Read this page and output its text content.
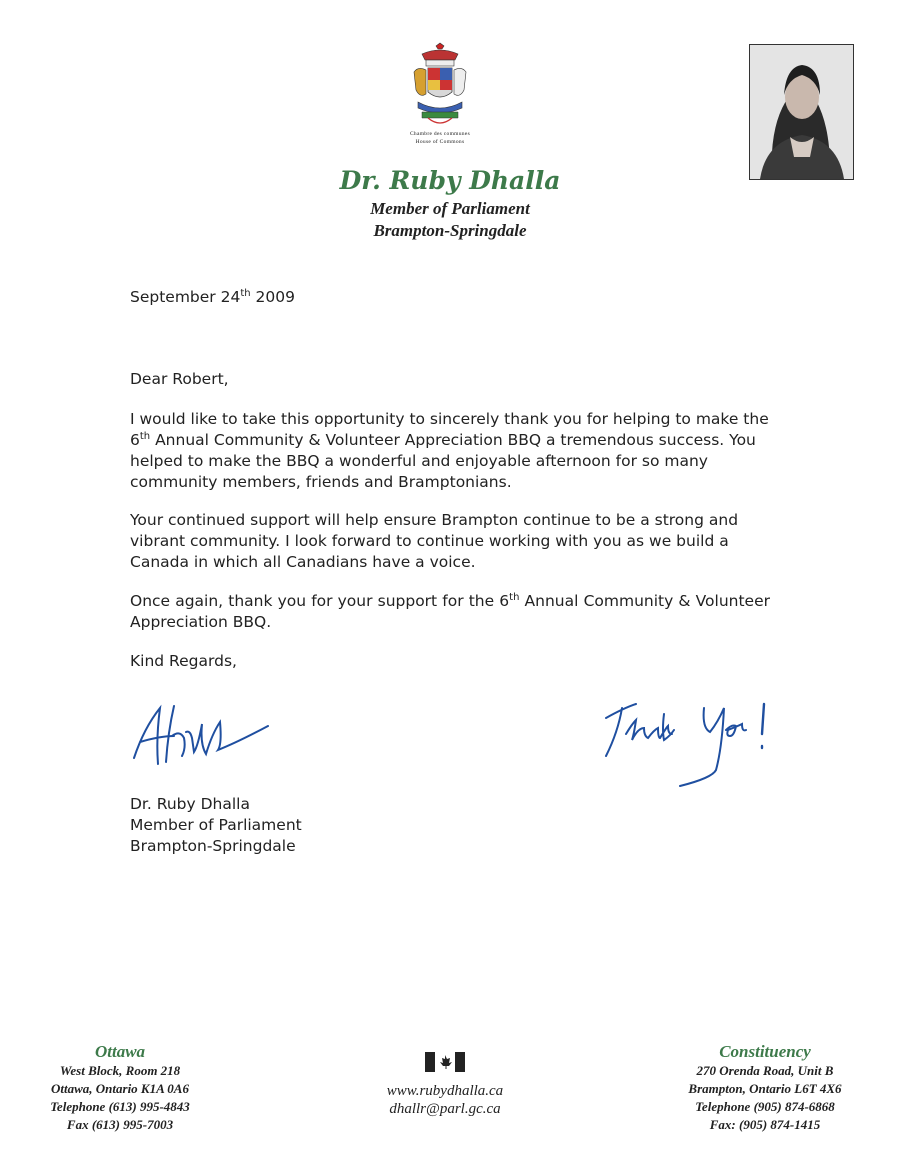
Chambre des communes
House of Commons
Dr. Ruby Dhalla
Member of Parliament
Brampton-Springdale
September 24th 2009
Dear Robert,

I would like to take this opportunity to sincerely thank you for helping to make the 6th Annual Community & Volunteer Appreciation BBQ a tremendous success. You helped to make the BBQ a wonderful and enjoyable afternoon for so many community members, friends and Bramptonians.

Your continued support will help ensure Brampton continue to be a strong and vibrant community. I look forward to continue working with you as we build a Canada in which all Canadians have a voice.

Once again, thank you for your support for the 6th Annual Community & Volunteer Appreciation BBQ.

Kind Regards,
Dr. Ruby Dhalla
Member of Parliament
Brampton-Springdale
Ottawa
West Block, Room 218
Ottawa, Ontario K1A 0A6
Telephone (613) 995-4843
Fax (613) 995-7003
www.rubydhalla.ca
dhallr@parl.gc.ca
Constituency
270 Orenda Road, Unit B
Brampton, Ontario L6T 4X6
Telephone (905) 874-6868
Fax: (905) 874-1415
